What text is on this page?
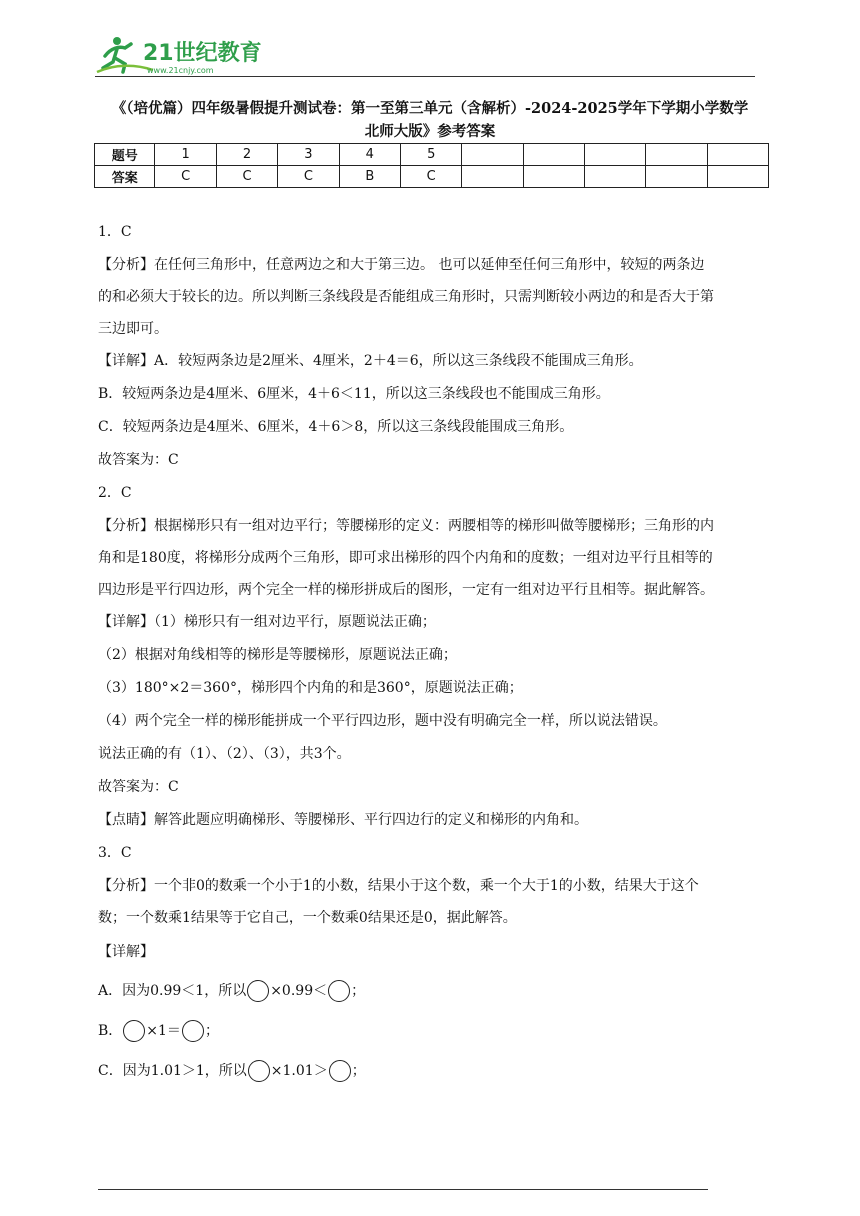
21世纪教育
www.21cnjy.com
《（培优篇）四年级暑假提升测试卷：第一至第三单元（含解析）-2024-2025学年下学期小学数学
北师大版》参考答案
题号	1	2	3	4	5					
答案	C	C	C	B	C					
1．C
【分析】在任何三角形中，任意两边之和大于第三边。 也可以延伸至任何三角形中，较短的两条边
的和必须大于较长的边。所以判断三条线段是否能组成三角形时，只需判断较小两边的和是否大于第
三边即可。
【详解】A．较短两条边是2厘米、4厘米，2＋4＝6，所以这三条线段不能围成三角形。
B．较短两条边是4厘米、6厘米，4＋6＜11，所以这三条线段也不能围成三角形。
C．较短两条边是4厘米、6厘米，4＋6＞8，所以这三条线段能围成三角形。
故答案为：C
2．C
【分析】根据梯形只有一组对边平行；等腰梯形的定义：两腰相等的梯形叫做等腰梯形；三角形的内
角和是180度，将梯形分成两个三角形，即可求出梯形的四个内角和的度数；一组对边平行且相等的
四边形是平行四边形，两个完全一样的梯形拼成后的图形，一定有一组对边平行且相等。据此解答。
【详解】（1）梯形只有一组对边平行，原题说法正确；
（2）根据对角线相等的梯形是等腰梯形，原题说法正确；
（3）180°×2＝360°，梯形四个内角的和是360°，原题说法正确；
（4）两个完全一样的梯形能拼成一个平行四边形，题中没有明确完全一样，所以说法错误。
说法正确的有（1）、（2）、（3），共3个。
故答案为：C
【点睛】解答此题应明确梯形、等腰梯形、平行四边行的定义和梯形的内角和。
3．C
【分析】一个非0的数乘一个小于1的小数，结果小于这个数，乘一个大于1的小数，结果大于这个
数；一个数乘1结果等于它自己，一个数乘0结果还是0，据此解答。
【详解】
A．因为0.99＜1，所以 ×0.99＜ ；
B． ×1＝ ；
C．因为1.01＞1，所以 ×1.01＞ ；
